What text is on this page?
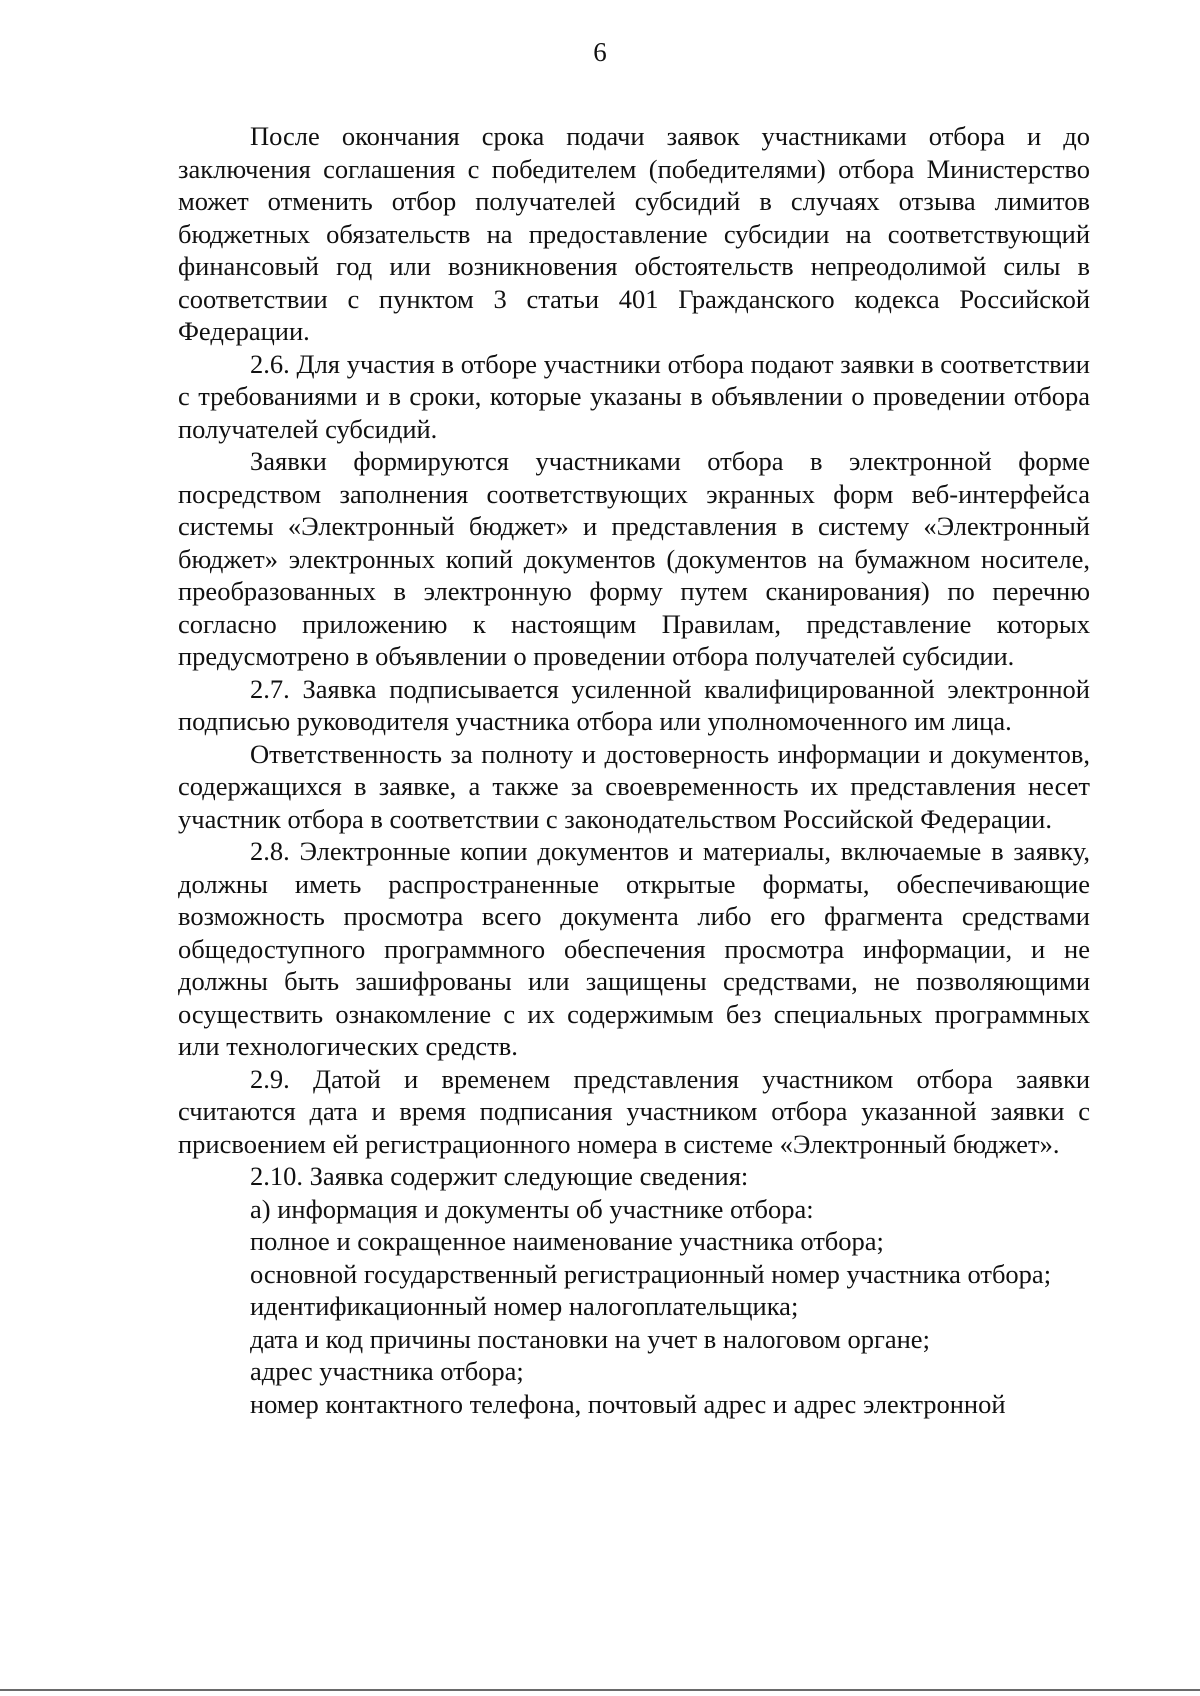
6

После окончания срока подачи заявок участниками отбора и до заключения соглашения с победителем (победителями) отбора Министерство может отменить отбор получателей субсидий в случаях отзыва лимитов бюджетных обязательств на предоставление субсидии на соответствующий финансовый год или возникновения обстоятельств непреодолимой силы в соответствии с пунктом 3 статьи 401 Гражданского кодекса Российской Федерации.

2.6. Для участия в отборе участники отбора подают заявки в соответствии с требованиями и в сроки, которые указаны в объявлении о проведении отбора получателей субсидий.

Заявки формируются участниками отбора в электронной форме посредством заполнения соответствующих экранных форм веб-интерфейса системы «Электронный бюджет» и представления в систему «Электронный бюджет» электронных копий документов (документов на бумажном носителе, преобразованных в электронную форму путем сканирования) по перечню согласно приложению к настоящим Правилам, представление которых предусмотрено в объявлении о проведении отбора получателей субсидии.

2.7. Заявка подписывается усиленной квалифицированной электронной подписью руководителя участника отбора или уполномоченного им лица.

Ответственность за полноту и достоверность информации и документов, содержащихся в заявке, а также за своевременность их представления несет участник отбора в соответствии с законодательством Российской Федерации.

2.8. Электронные копии документов и материалы, включаемые в заявку, должны иметь распространенные открытые форматы, обеспечивающие возможность просмотра всего документа либо его фрагмента средствами общедоступного программного обеспечения просмотра информации, и не должны быть зашифрованы или защищены средствами, не позволяющими осуществить ознакомление с их содержимым без специальных программных или технологических средств.

2.9. Датой и временем представления участником отбора заявки считаются дата и время подписания участником отбора указанной заявки с присвоением ей регистрационного номера в системе «Электронный бюджет».

2.10. Заявка содержит следующие сведения:

а) информация и документы об участнике отбора:

полное и сокращенное наименование участника отбора;

основной государственный регистрационный номер участника отбора;

идентификационный номер налогоплательщика;

дата и код причины постановки на учет в налоговом органе;

адрес участника отбора;

номер контактного телефона, почтовый адрес и адрес электронной
